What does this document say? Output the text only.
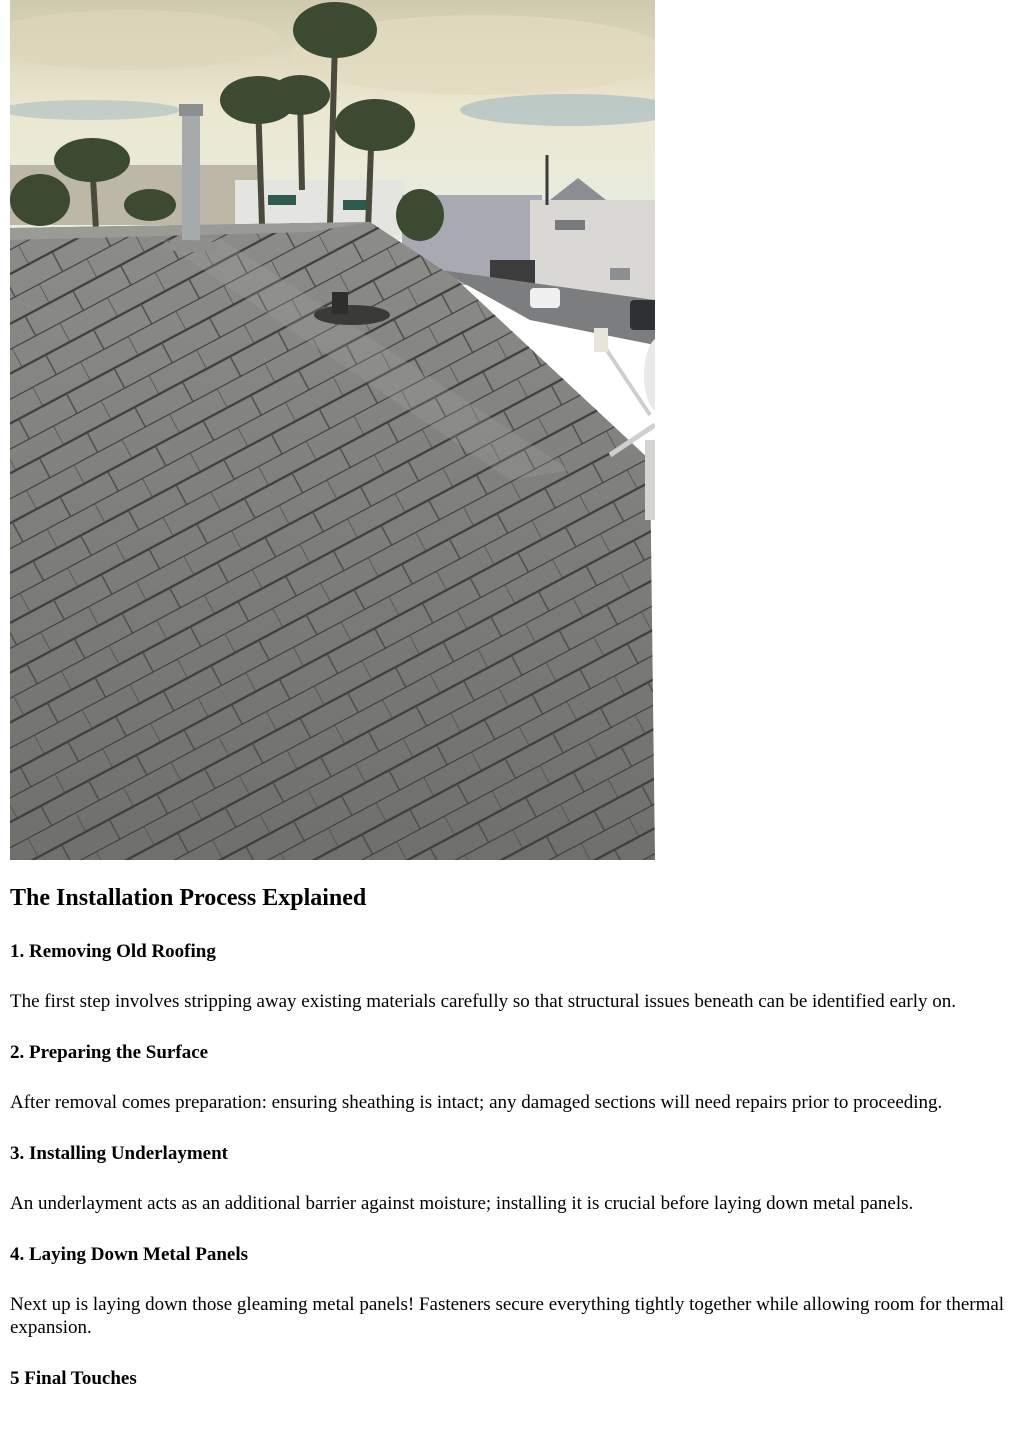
The Installation Process Explained
1. Removing Old Roofing

The first step involves stripping away existing materials carefully so that structural issues beneath can be identified early on.

2. Preparing the Surface

After removal comes preparation: ensuring sheathing is intact; any damaged sections will need repairs prior to proceeding.

3. Installing Underlayment

An underlayment acts as an additional barrier against moisture; installing it is crucial before laying down metal panels.

4. Laying Down Metal Panels

Next up is laying down those gleaming metal panels! Fasteners secure everything tightly together while allowing room for thermal expansion.

5 Final Touches
